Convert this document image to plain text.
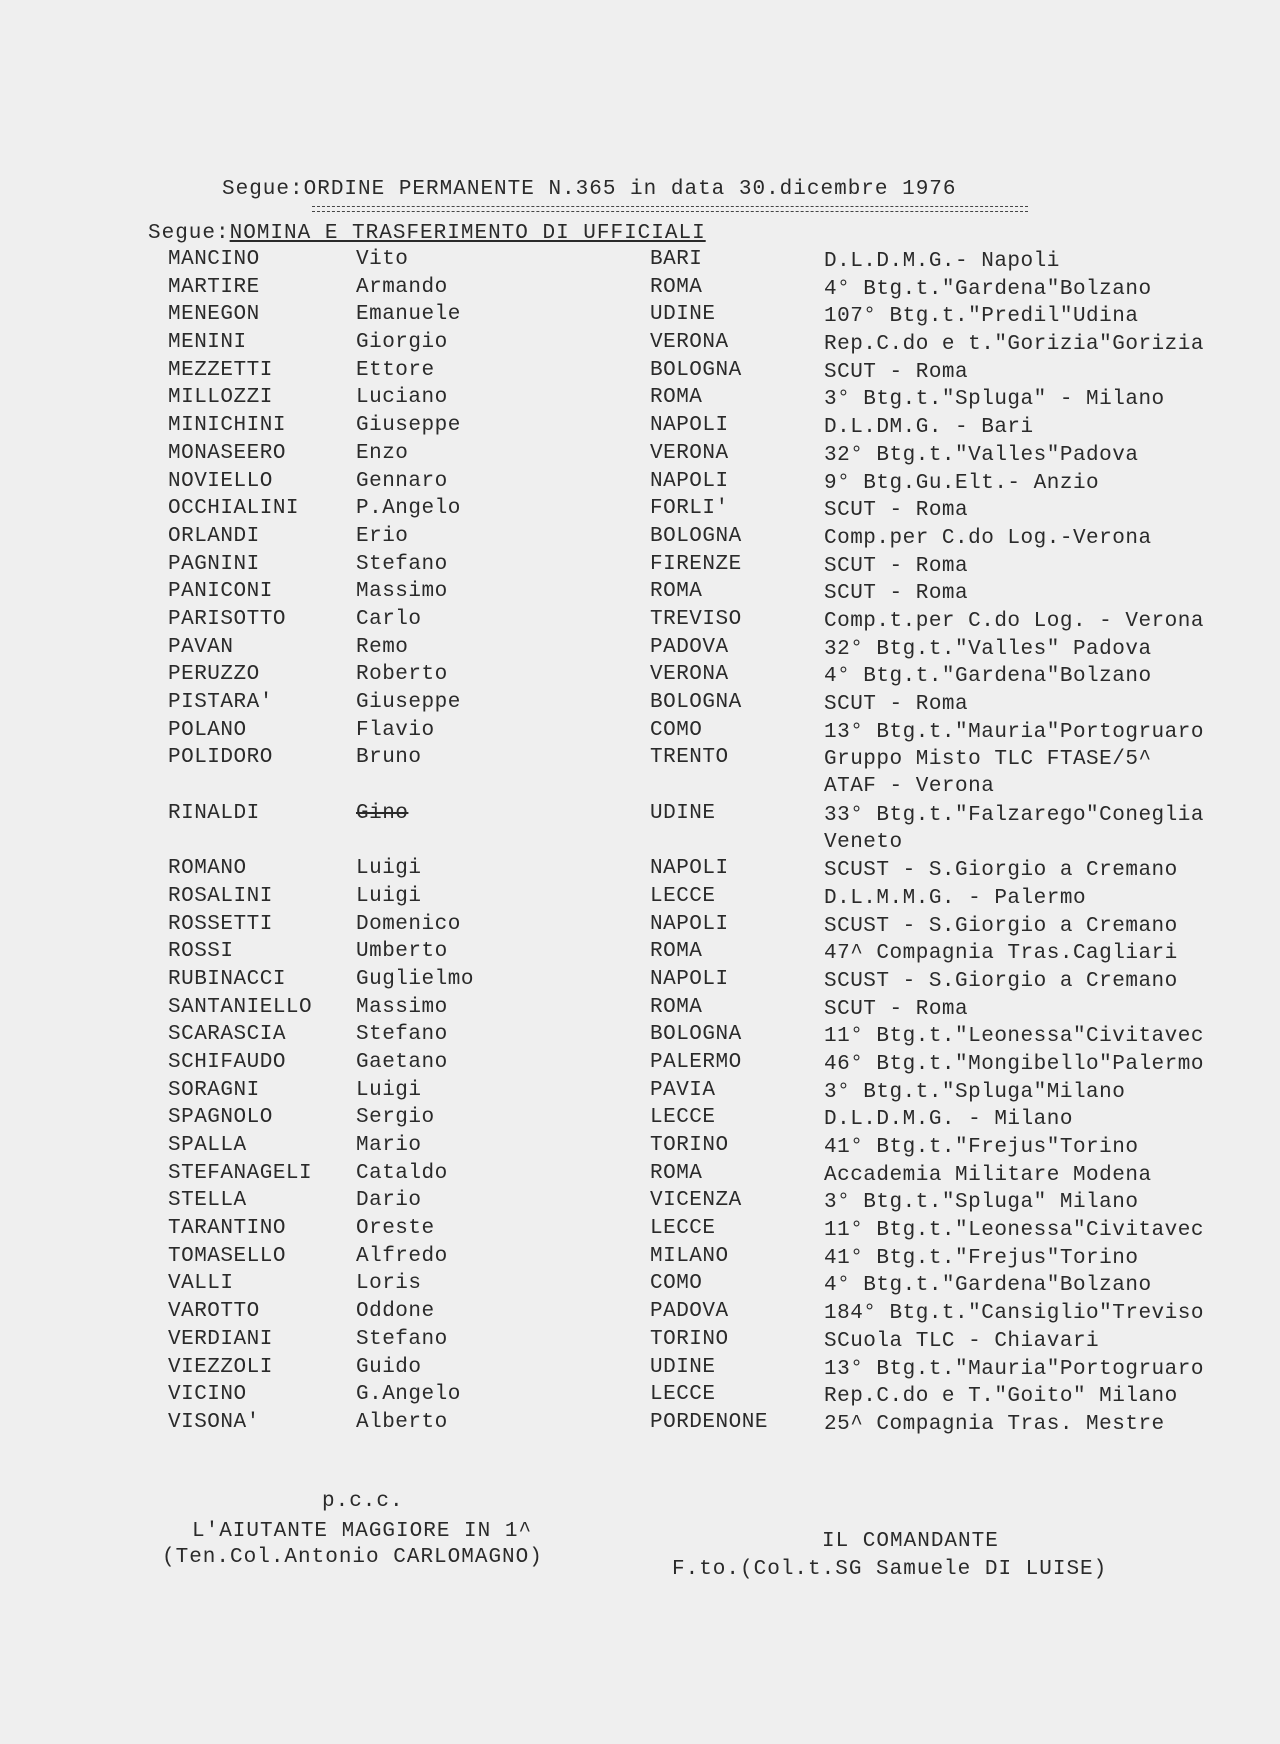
Segue:ORDINE PERMANENTE N.365 in data 30.dicembre 1976
Segue:NOMINA E TRASFERIMENTO DI UFFICIALI
MANCINO	Vito	BARI	D.L.D.M.G.- Napoli
MARTIRE	Armando	ROMA	4° Btg.t."Gardena"Bolzano
MENEGON	Emanuele	UDINE	107° Btg.t."Predil"Udina
MENINI	Giorgio	VERONA	Rep.C.do e t."Gorizia"Gorizia
MEZZETTI	Ettore	BOLOGNA	SCUT - Roma
MILLOZZI	Luciano	ROMA	3° Btg.t."Spluga" - Milano
MINICHINI	Giuseppe	NAPOLI	D.L.DM.G. - Bari
MONASEERO	Enzo	VERONA	32° Btg.t."Valles"Padova
NOVIELLO	Gennaro	NAPOLI	9° Btg.Gu.Elt.- Anzio
OCCHIALINI	P.Angelo	FORLI'	SCUT - Roma
ORLANDI	Erio	BOLOGNA	Comp.per C.do Log.-Verona
PAGNINI	Stefano	FIRENZE	SCUT - Roma
PANICONI	Massimo	ROMA	SCUT - Roma
PARISOTTO	Carlo	TREVISO	Comp.t.per C.do Log. - Verona
PAVAN	Remo	PADOVA	32° Btg.t."Valles" Padova
PERUZZO	Roberto	VERONA	4° Btg.t."Gardena"Bolzano
PISTARA'	Giuseppe	BOLOGNA	SCUT - Roma
POLANO	Flavio	COMO	13° Btg.t."Mauria"Portogruaro
POLIDORO	Bruno	TRENTO	Gruppo Misto TLC FTASE/5^
ATAF - Verona
RINALDI	Gino	UDINE	33° Btg.t."Falzarego"Coneglia
Veneto
ROMANO	Luigi	NAPOLI	SCUST - S.Giorgio a Cremano
ROSALINI	Luigi	LECCE	D.L.M.M.G. - Palermo
ROSSETTI	Domenico	NAPOLI	SCUST - S.Giorgio a Cremano
ROSSI	Umberto	ROMA	47^ Compagnia Tras.Cagliari
RUBINACCI	Guglielmo	NAPOLI	SCUST - S.Giorgio a Cremano
SANTANIELLO Massimo	ROMA	SCUT - Roma
SCARASCIA	Stefano	BOLOGNA	11° Btg.t."Leonessa"Civitavec
SCHIFAUDO	Gaetano	PALERMO	46° Btg.t."Mongibello"Palermo
SORAGNI	Luigi	PAVIA	3° Btg.t."Spluga"Milano
SPAGNOLO	Sergio	LECCE	D.L.D.M.G. - Milano
SPALLA	Mario	TORINO	41° Btg.t."Frejus"Torino
STEFANAGELI Cataldo	ROMA	Accademia Militare Modena
STELLA	Dario	VICENZA	3° Btg.t."Spluga" Milano
TARANTINO	Oreste	LECCE	11° Btg.t."Leonessa"Civitavec
TOMASELLO	Alfredo	MILANO	41° Btg.t."Frejus"Torino
VALLI	Loris	COMO	4° Btg.t."Gardena"Bolzano
VAROTTO	Oddone	PADOVA	184° Btg.t."Cansiglio"Treviso
VERDIANI	Stefano	TORINO	SCuola TLC - Chiavari
VIEZZOLI	Guido	UDINE	13° Btg.t."Mauria"Portogruaro
VICINO	G.Angelo	LECCE	Rep.C.do e T."Goito" Milano
VISONA'	Alberto	PORDENONE	25^ Compagnia Tras. Mestre
p.c.c.
L'AIUTANTE MAGGIORE IN 1^
(Ten.Col.Antonio CARLOMAGNO)
IL COMANDANTE
F.to.(Col.t.SG Samuele DI LUISE)
